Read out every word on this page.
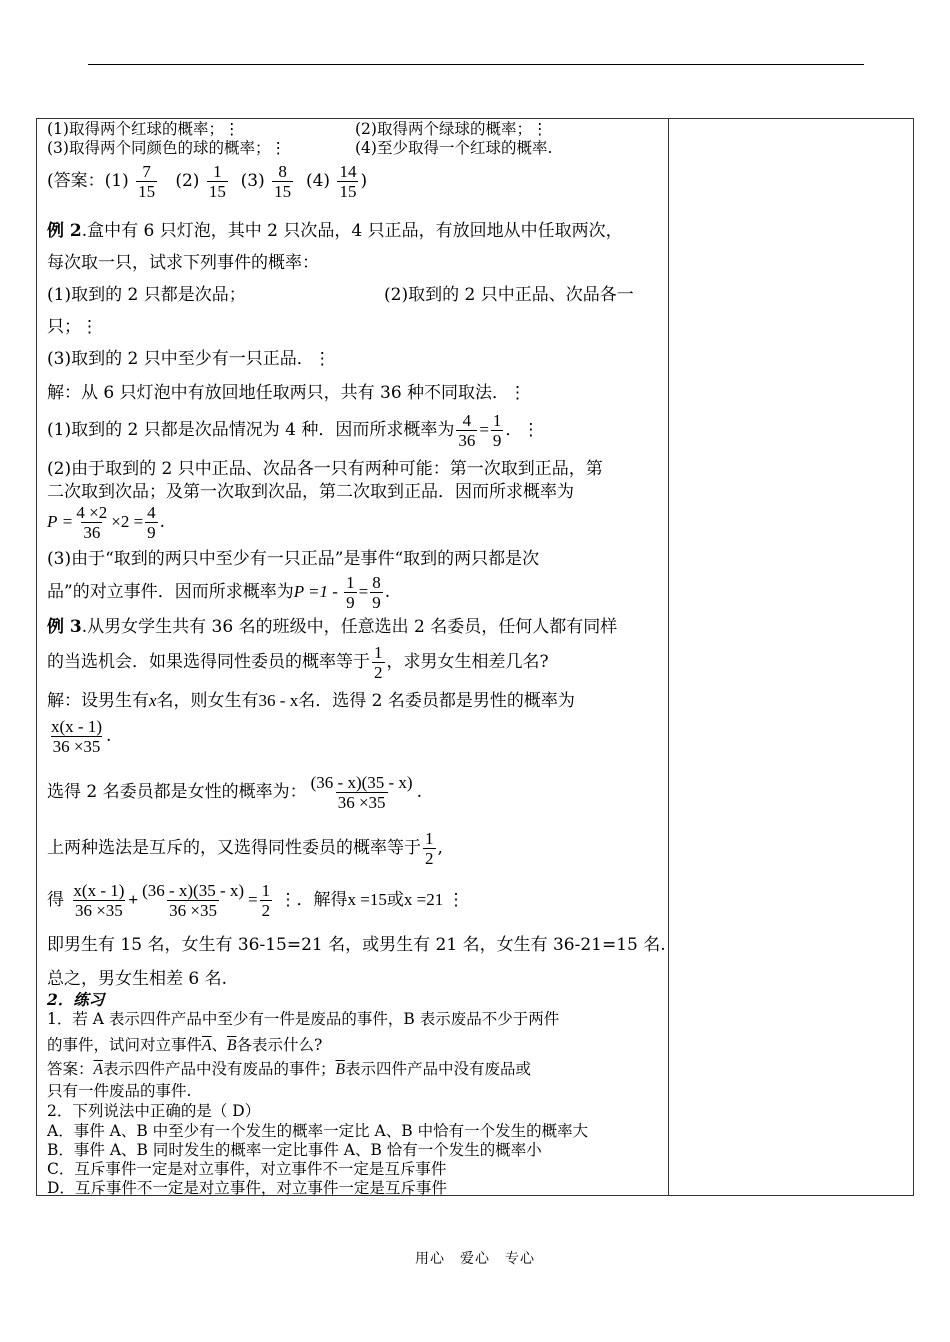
(1)取得两个红球的概率；⋮	(2)取得两个绿球的概率；⋮
(3)取得两个同颜色的球的概率；⋮	(4)至少取得一个红球的概率.
(答案：$(1) \frac{7}{15} (2) \frac{1}{15} (3) \frac{8}{15} (4) \frac{14}{15}$ )
例 2.盒中有 6 只灯泡，其中 2 只次品，4 只正品，有放回地从中任取两次，
每次取一只，试求下列事件的概率：
(1)取到的 2 只都是次品；	(2)取到的 2 只中正品、次品各一
只；⋮
(3)取到的 2 只中至少有一只正品．⋮
解：从 6 只灯泡中有放回地任取两只，共有 36 种不同取法．⋮
(1)取到的 2 只都是次品情况为 4 种．因而所求概率为 $\frac{4}{36} = \frac{1}{9}$ ．⋮
(2)由于取到的 2 只中正品、次品各一只有两种可能：第一次取到正品，第
二次取到次品；及第一次取到次品，第二次取到正品．因而所求概率为
$P = \frac{4 \times 2}{36} \times 2 = \frac{4}{9}$ .
(3)由于“取到的两只中至少有一只正品”是事件“取到的两只都是次
品”的对立事件．因而所求概率为$P =1 - \frac{1}{9} = \frac{8}{9}$ .
例 3.从男女学生共有 36 名的班级中，任意选出 2 名委员，任何人都有同样
的当选机会．如果选得同性委员的概率等于 $\frac{1}{2}$ ，求男女生相差几名?
解：设男生有x名，则女生有36 - x名．选得 2 名委员都是男性的概率为
$\frac{x(x - 1)}{36 \times 35}$ .
选得 2 名委员都是女性的概率为： $\frac{(36 - x)(35 - x)}{36 \times 35}$ .
上两种选法是互斥的，又选得同性委员的概率等于 $\frac{1}{2}$ ,
得 $\frac{x(x - 1)}{36 \times 35} + \frac{(36 - x)(35 - x)}{36 \times 35} = \frac{1}{2}$ ⋮．解得x =15或x =21 ⋮
即男生有 15 名，女生有 36-15=21 名，或男生有 21 名，女生有 36-21=15 名.
总之，男女生相差 6 名.
2．练习
1．若 A 表示四件产品中至少有一件是废品的事件，B 表示废品不少于两件
的事件，试问对立事件$\overline{A}$、$\overline{B}$各表示什么?
答案：$\overline{A}$表示四件产品中没有废品的事件；$\overline{B}$表示四件产品中没有废品或
只有一件废品的事件.
2．下列说法中正确的是（ D）
A．事件 A、B 中至少有一个发生的概率一定比 A、B 中恰有一个发生的概率大
B．事件 A、B 同时发生的概率一定比事件 A、B 恰有一个发生的概率小
C．互斥事件一定是对立事件，对立事件不一定是互斥事件
D．互斥事件不一定是对立事件，对立事件一定是互斥事件
用心　爱心　专心
